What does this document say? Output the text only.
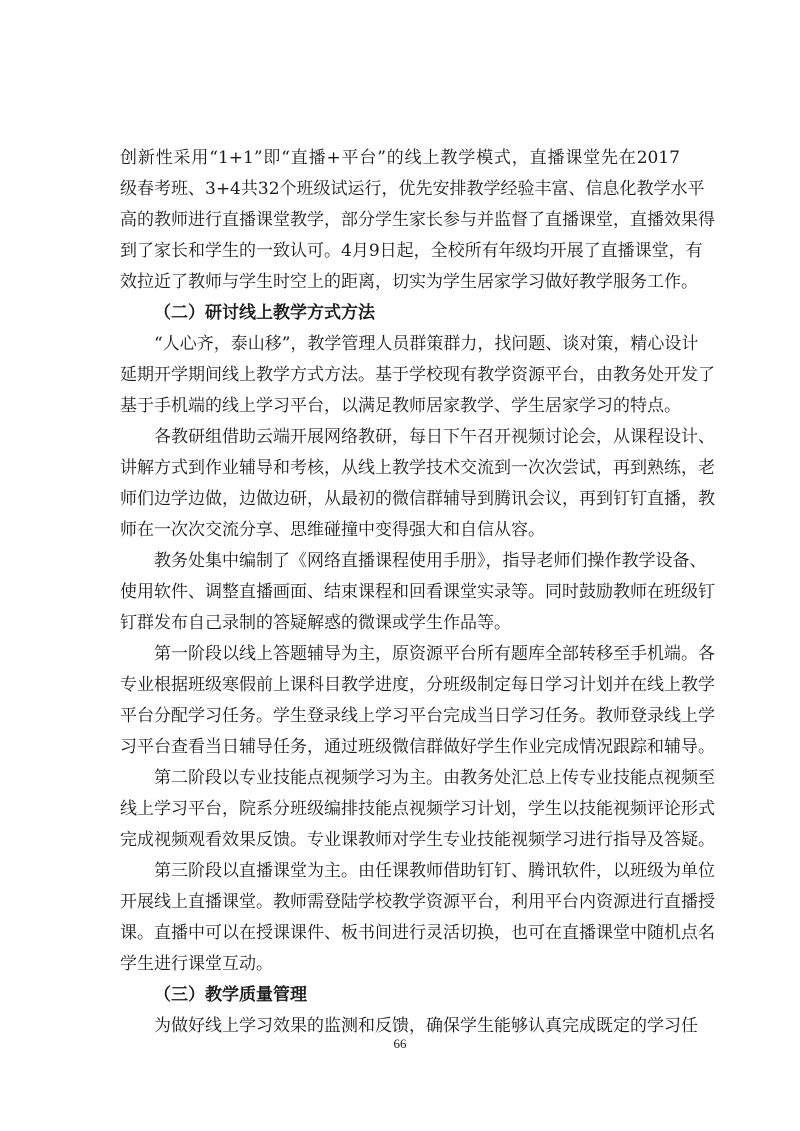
创新性采用“1+1”即“直播+平台”的线上教学模式，直播课堂先在2017
级春考班、3+4共32个班级试运行，优先安排教学经验丰富、信息化教学水平
高的教师进行直播课堂教学，部分学生家长参与并监督了直播课堂，直播效果得
到了家长和学生的一致认可。4月9日起，全校所有年级均开展了直播课堂，有
效拉近了教师与学生时空上的距离，切实为学生居家学习做好教学服务工作。
（二）研讨线上教学方式方法
“人心齐，泰山移”，教学管理人员群策群力，找问题、谈对策，精心设计
延期开学期间线上教学方式方法。基于学校现有教学资源平台，由教务处开发了
基于手机端的线上学习平台，以满足教师居家教学、学生居家学习的特点。
各教研组借助云端开展网络教研，每日下午召开视频讨论会，从课程设计、
讲解方式到作业辅导和考核，从线上教学技术交流到一次次尝试，再到熟练，老
师们边学边做，边做边研，从最初的微信群辅导到腾讯会议，再到钉钉直播，教
师在一次次交流分享、思维碰撞中变得强大和自信从容。
教务处集中编制了《网络直播课程使用手册》，指导老师们操作教学设备、
使用软件、调整直播画面、结束课程和回看课堂实录等。同时鼓励教师在班级钉
钉群发布自己录制的答疑解惑的微课或学生作品等。
第一阶段以线上答题辅导为主，原资源平台所有题库全部转移至手机端。各
专业根据班级寒假前上课科目教学进度，分班级制定每日学习计划并在线上教学
平台分配学习任务。学生登录线上学习平台完成当日学习任务。教师登录线上学
习平台查看当日辅导任务，通过班级微信群做好学生作业完成情况跟踪和辅导。
第二阶段以专业技能点视频学习为主。由教务处汇总上传专业技能点视频至
线上学习平台，院系分班级编排技能点视频学习计划，学生以技能视频评论形式
完成视频观看效果反馈。专业课教师对学生专业技能视频学习进行指导及答疑。
第三阶段以直播课堂为主。由任课教师借助钉钉、腾讯软件，以班级为单位
开展线上直播课堂。教师需登陆学校教学资源平台，利用平台内资源进行直播授
课。直播中可以在授课课件、板书间进行灵活切换，也可在直播课堂中随机点名
学生进行课堂互动。
（三）教学质量管理
为做好线上学习效果的监测和反馈，确保学生能够认真完成既定的学习任
66
